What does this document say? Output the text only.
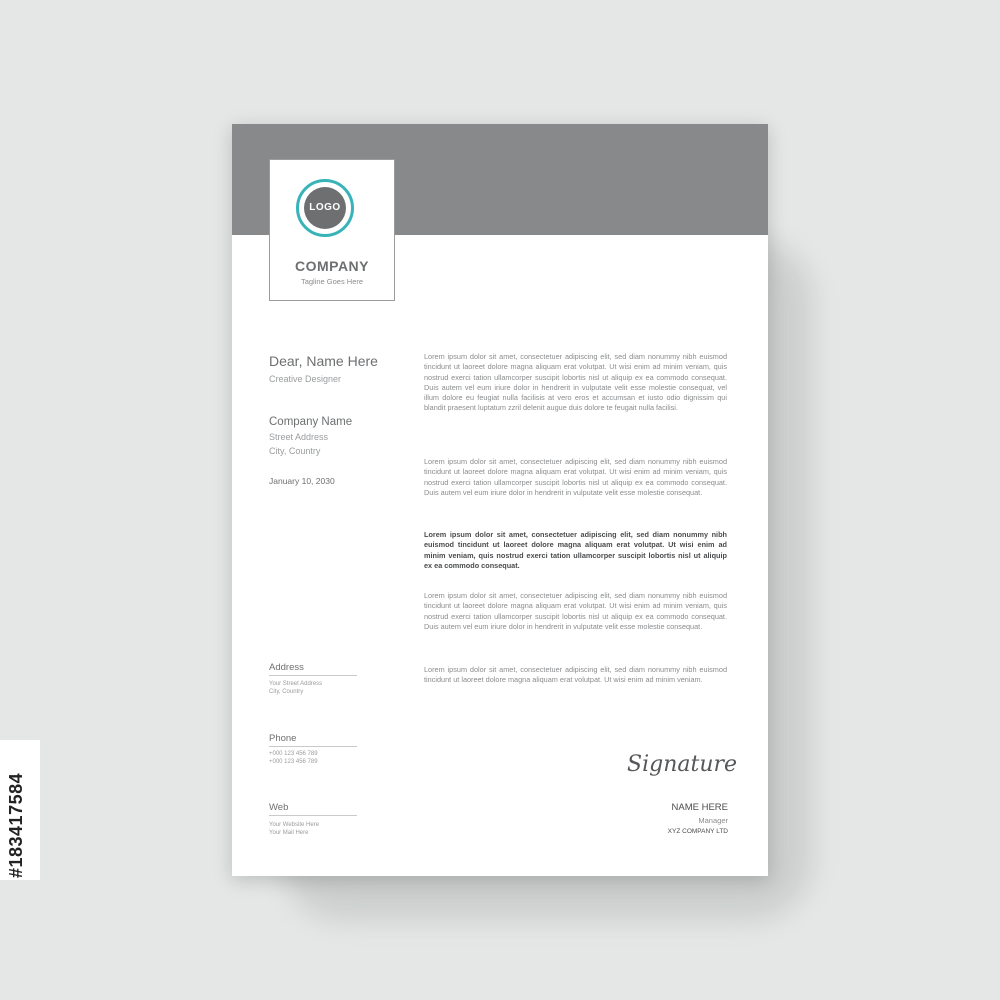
LOGO
COMPANY
Tagline Goes Here
Dear, Name Here
Creative Designer
Company Name
Street Address
City, Country
January 10, 2030
Address
Your Street Address
City, Country
Phone
+000 123 456 789
+000 123 456 789
Web
Your Website Here
Your Mail Here

Lorem ipsum dolor sit amet, consectetuer adipiscing elit, sed diam nonummy nibh euismod tincidunt ut laoreet dolore magna aliquam erat volutpat. Ut wisi enim ad minim veniam, quis nostrud exerci tation ullamcorper suscipit lobortis nisl ut aliquip ex ea commodo consequat. Duis autem vel eum iriure dolor in hendrerit in vulputate velit esse molestie consequat, vel illum dolore eu feugiat nulla facilisis at vero eros et accumsan et iusto odio dignissim qui blandit praesent luptatum zzril delenit augue duis dolore te feugait nulla facilisi.

Lorem ipsum dolor sit amet, consectetuer adipiscing elit, sed diam nonummy nibh euismod tincidunt ut laoreet dolore magna aliquam erat volutpat. Ut wisi enim ad minim veniam, quis nostrud exerci tation ullamcorper suscipit lobortis nisl ut aliquip ex ea commodo consequat. Duis autem vel eum iriure dolor in hendrerit in vulputate velit esse molestie consequat.

Lorem ipsum dolor sit amet, consectetuer adipiscing elit, sed diam nonummy nibh euismod tincidunt ut laoreet dolore magna aliquam erat volutpat. Ut wisi enim ad minim veniam, quis nostrud exerci tation ullamcorper suscipit lobortis nisl ut aliquip ex ea commodo consequat.

Lorem ipsum dolor sit amet, consectetuer adipiscing elit, sed diam nonummy nibh euismod tincidunt ut laoreet dolore magna aliquam erat volutpat. Ut wisi enim ad minim veniam, quis nostrud exerci tation ullamcorper suscipit lobortis nisl ut aliquip ex ea commodo consequat. Duis autem vel eum iriure dolor in hendrerit in vulputate velit esse molestie consequat.

Lorem ipsum dolor sit amet, consectetuer adipiscing elit, sed diam nonummy nibh euismod tincidunt ut laoreet dolore magna aliquam erat volutpat. Ut wisi enim ad minim veniam.

Signature
NAME HERE
Manager
XYZ COMPANY LTD
#183417584
